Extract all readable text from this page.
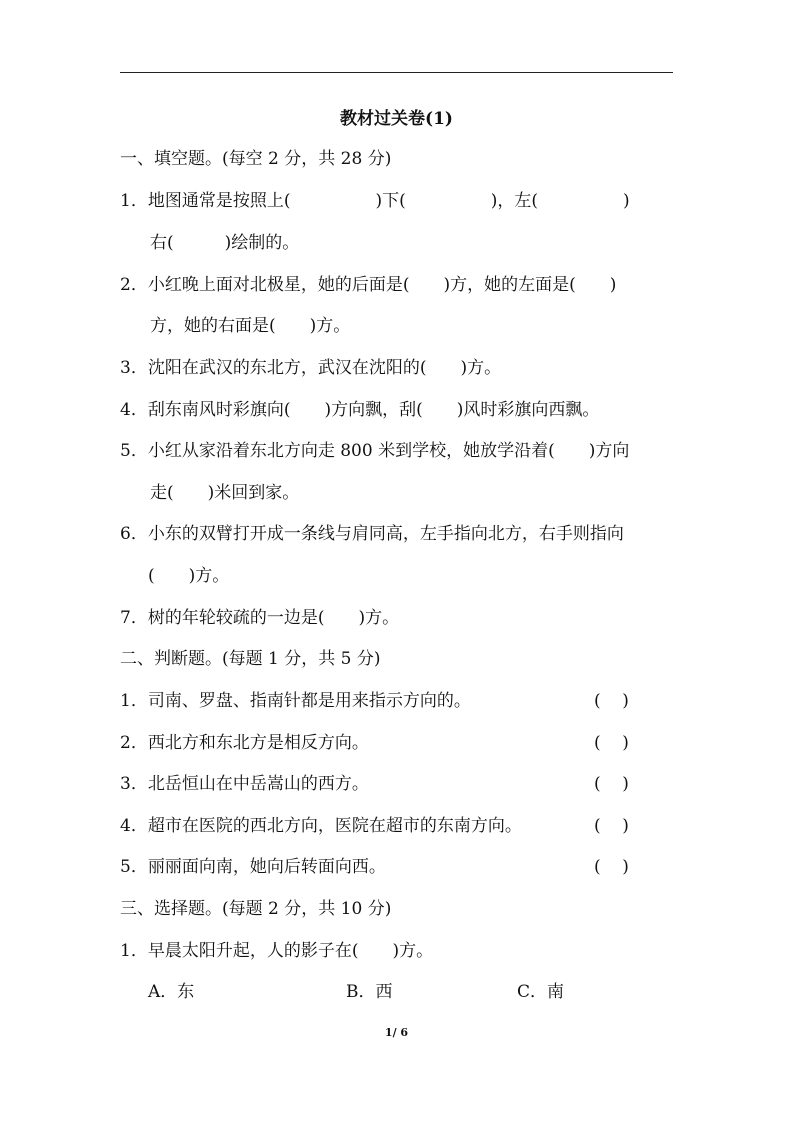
教材过关卷(1)
一、填空题。(每空 2 分，共 28 分)
1．地图通常是按照上(　　　　　)下(　　　　　)，左(　　　　　)
右(　　　)绘制的。
2．小红晚上面对北极星，她的后面是(　　)方，她的左面是(　　)
方，她的右面是(　　)方。
3．沈阳在武汉的东北方，武汉在沈阳的(　　)方。
4．刮东南风时彩旗向(　　)方向飘，刮(　　)风时彩旗向西飘。
5．小红从家沿着东北方向走 800 米到学校，她放学沿着(　　)方向
走(　　)米回到家。
6．小东的双臂打开成一条线与肩同高，左手指向北方，右手则指向
(　　)方。
7．树的年轮较疏的一边是(　　)方。
二、判断题。(每题 1 分，共 5 分)
1．司南、罗盘、指南针都是用来指示方向的。	(    )
2．西北方和东北方是相反方向。	(    )
3．北岳恒山在中岳嵩山的西方。	(    )
4．超市在医院的西北方向，医院在超市的东南方向。	(    )
5．丽丽面向南，她向后转面向西。	(    )
三、选择题。(每题 2 分，共 10 分)
1．早晨太阳升起，人的影子在(　　)方。
A．东	B．西	C．南
1/ 6
